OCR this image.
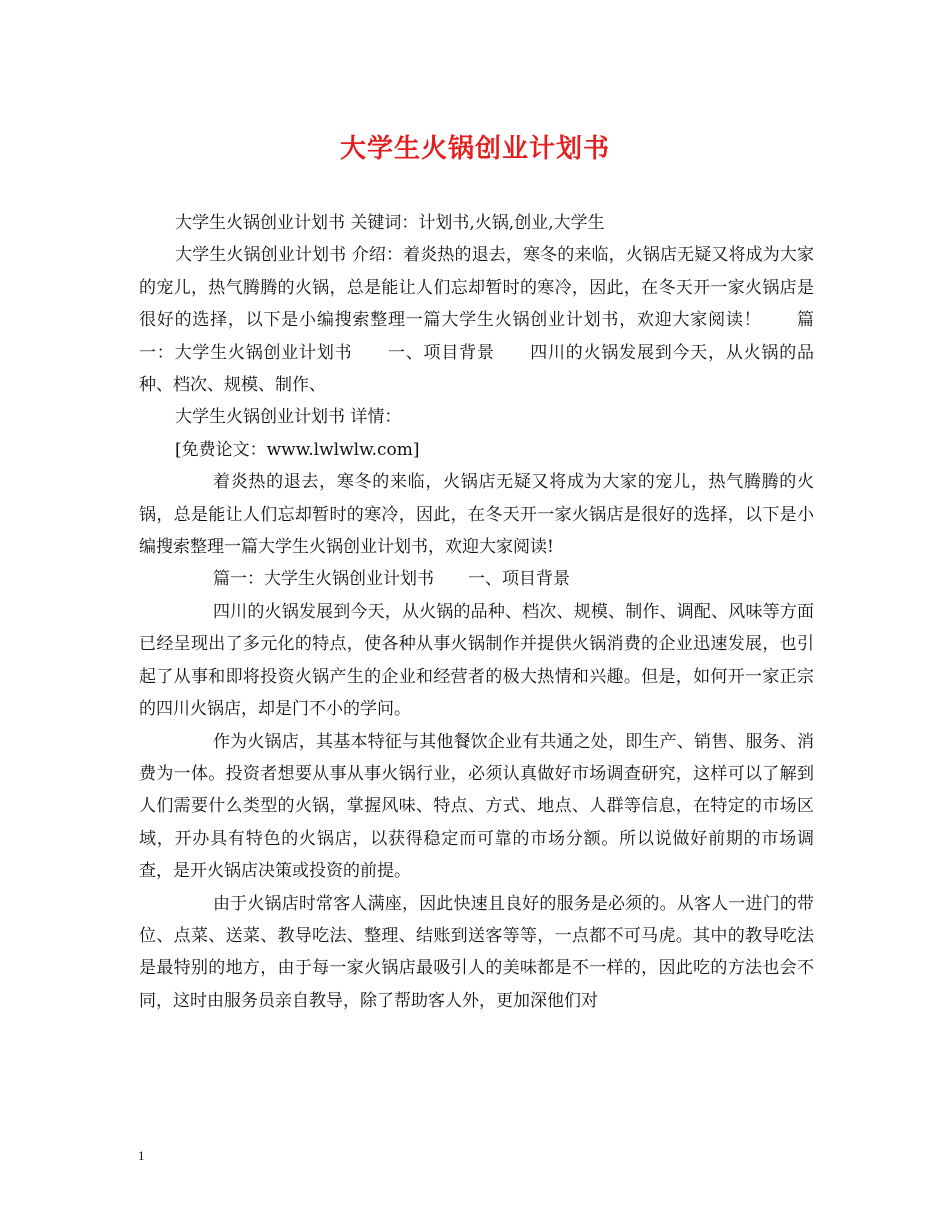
大学生火锅创业计划书

大学生火锅创业计划书 关键词：计划书,火锅,创业,大学生

大学生火锅创业计划书 介绍：着炎热的退去，寒冬的来临，火锅店无疑又将成为大家的宠儿，热气腾腾的火锅，总是能让人们忘却暂时的寒冷，因此，在冬天开一家火锅店是很好的选择，以下是小编搜索整理一篇大学生火锅创业计划书，欢迎大家阅读！　　篇一：大学生火锅创业计划书　　一、项目背景　　四川的火锅发展到今天，从火锅的品种、档次、规模、制作、

大学生火锅创业计划书 详情：

[免费论文：www.lwlwlw.com]

着炎热的退去，寒冬的来临，火锅店无疑又将成为大家的宠儿，热气腾腾的火锅，总是能让人们忘却暂时的寒冷，因此，在冬天开一家火锅店是很好的选择，以下是小编搜索整理一篇大学生火锅创业计划书，欢迎大家阅读!

篇一：大学生火锅创业计划书　　一、项目背景

四川的火锅发展到今天，从火锅的品种、档次、规模、制作、调配、风味等方面已经呈现出了多元化的特点，使各种从事火锅制作并提供火锅消费的企业迅速发展，也引起了从事和即将投资火锅产生的企业和经营者的极大热情和兴趣。但是，如何开一家正宗的四川火锅店，却是门不小的学问。

作为火锅店，其基本特征与其他餐饮企业有共通之处，即生产、销售、服务、消费为一体。投资者想要从事从事火锅行业，必须认真做好市场调查研究，这样可以了解到人们需要什么类型的火锅，掌握风味、特点、方式、地点、人群等信息，在特定的市场区域，开办具有特色的火锅店，以获得稳定而可靠的市场分额。所以说做好前期的市场调查，是开火锅店决策或投资的前提。

由于火锅店时常客人满座，因此快速且良好的服务是必须的。从客人一进门的带位、点菜、送菜、教导吃法、整理、结账到送客等等，一点都不可马虎。其中的教导吃法是最特别的地方，由于每一家火锅店最吸引人的美味都是不一样的，因此吃的方法也会不同，这时由服务员亲自教导，除了帮助客人外，更加深他们对

1
